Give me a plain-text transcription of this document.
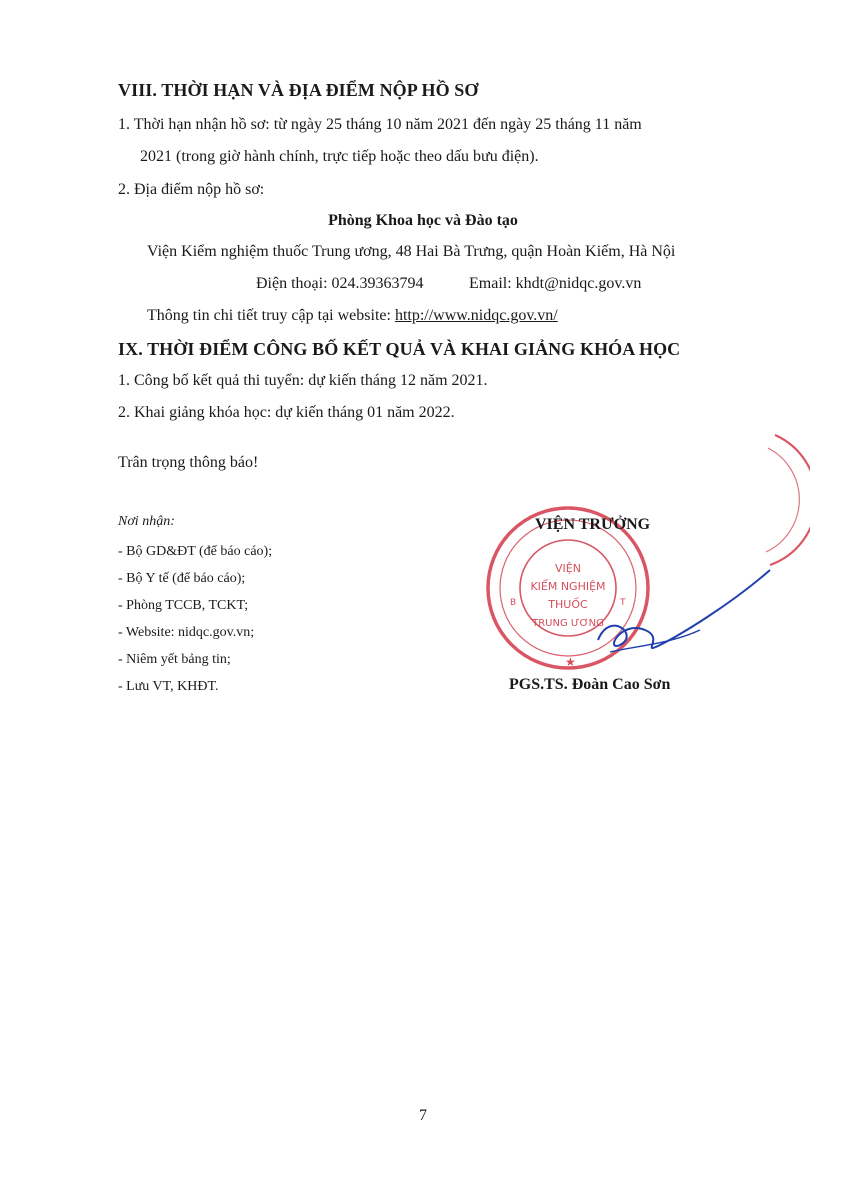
VIII. THỜI HẠN VÀ ĐỊA ĐIỂM NỘP HỒ SƠ
1. Thời hạn nhận hồ sơ: từ ngày 25 tháng 10 năm 2021 đến ngày 25 tháng 11 năm
2021 (trong giờ hành chính, trực tiếp hoặc theo dấu bưu điện).
2. Địa điểm nộp hồ sơ:
Phòng Khoa học và Đào tạo
Viện Kiểm nghiệm thuốc Trung ương, 48 Hai Bà Trưng, quận Hoàn Kiếm, Hà Nội
Điện thoại: 024.39363794	Email: khdt@nidqc.gov.vn
Thông tin chi tiết truy cập tại website: http://www.nidqc.gov.vn/
IX. THỜI ĐIỂM CÔNG BỐ KẾT QUẢ VÀ KHAI GIẢNG KHÓA HỌC
1. Công bố kết quả thi tuyển: dự kiến tháng 12 năm 2021.
2. Khai giảng khóa học: dự kiến tháng 01 năm 2022.
Trân trọng thông báo!
Nơi nhận:
- Bộ GD&ĐT (để báo cáo);
- Bộ Y tế (để báo cáo);
- Phòng TCCB, TCKT;
- Website: nidqc.gov.vn;
- Niêm yết bảng tin;
- Lưu VT, KHĐT.
B	T
★
VIỆN
KIỂM NGHIỆM
THUỐC
TRUNG ƯƠNG
VIỆN TRƯỞNG
PGS.TS. Đoàn Cao Sơn
7
